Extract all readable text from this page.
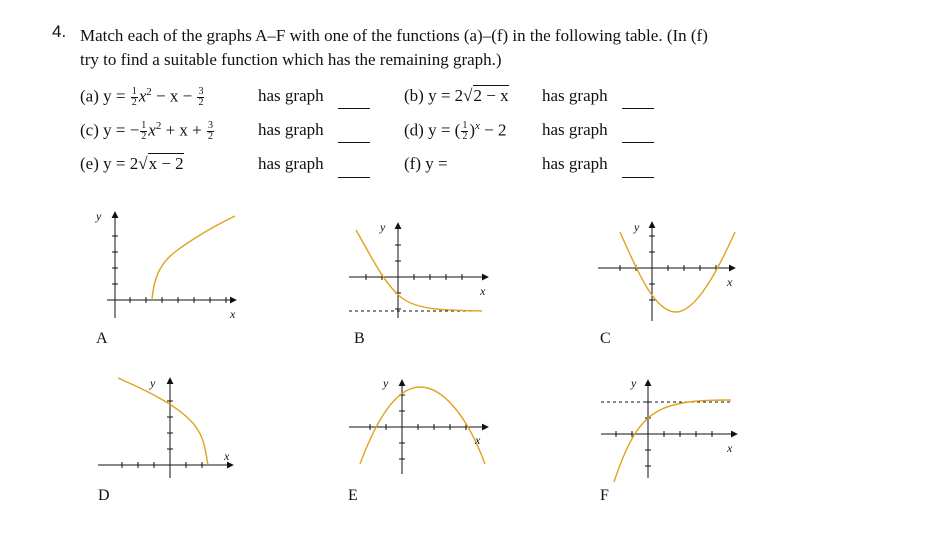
4. Match each of the graphs A–F with one of the functions (a)–(f) in the following table. (In (f)
try to find a suitable function which has the remaining graph.)
(a) $y = \frac{1}{2} x^2 - x - \frac{3}{2}$	has graph	(b) y = 2√2 − x has graph
(c) y = − $\frac{1}{2} x^2 + x + \frac{3}{2}$	has graph	(d) y = ( $\frac{1}{2} )^x - 2$ has graph
(e) y = 2√x − 2	has graph	(f) y =	has graph
A	B	C
D	E	F
y
x
y
x
y
x
y
x
y
x
y
x
